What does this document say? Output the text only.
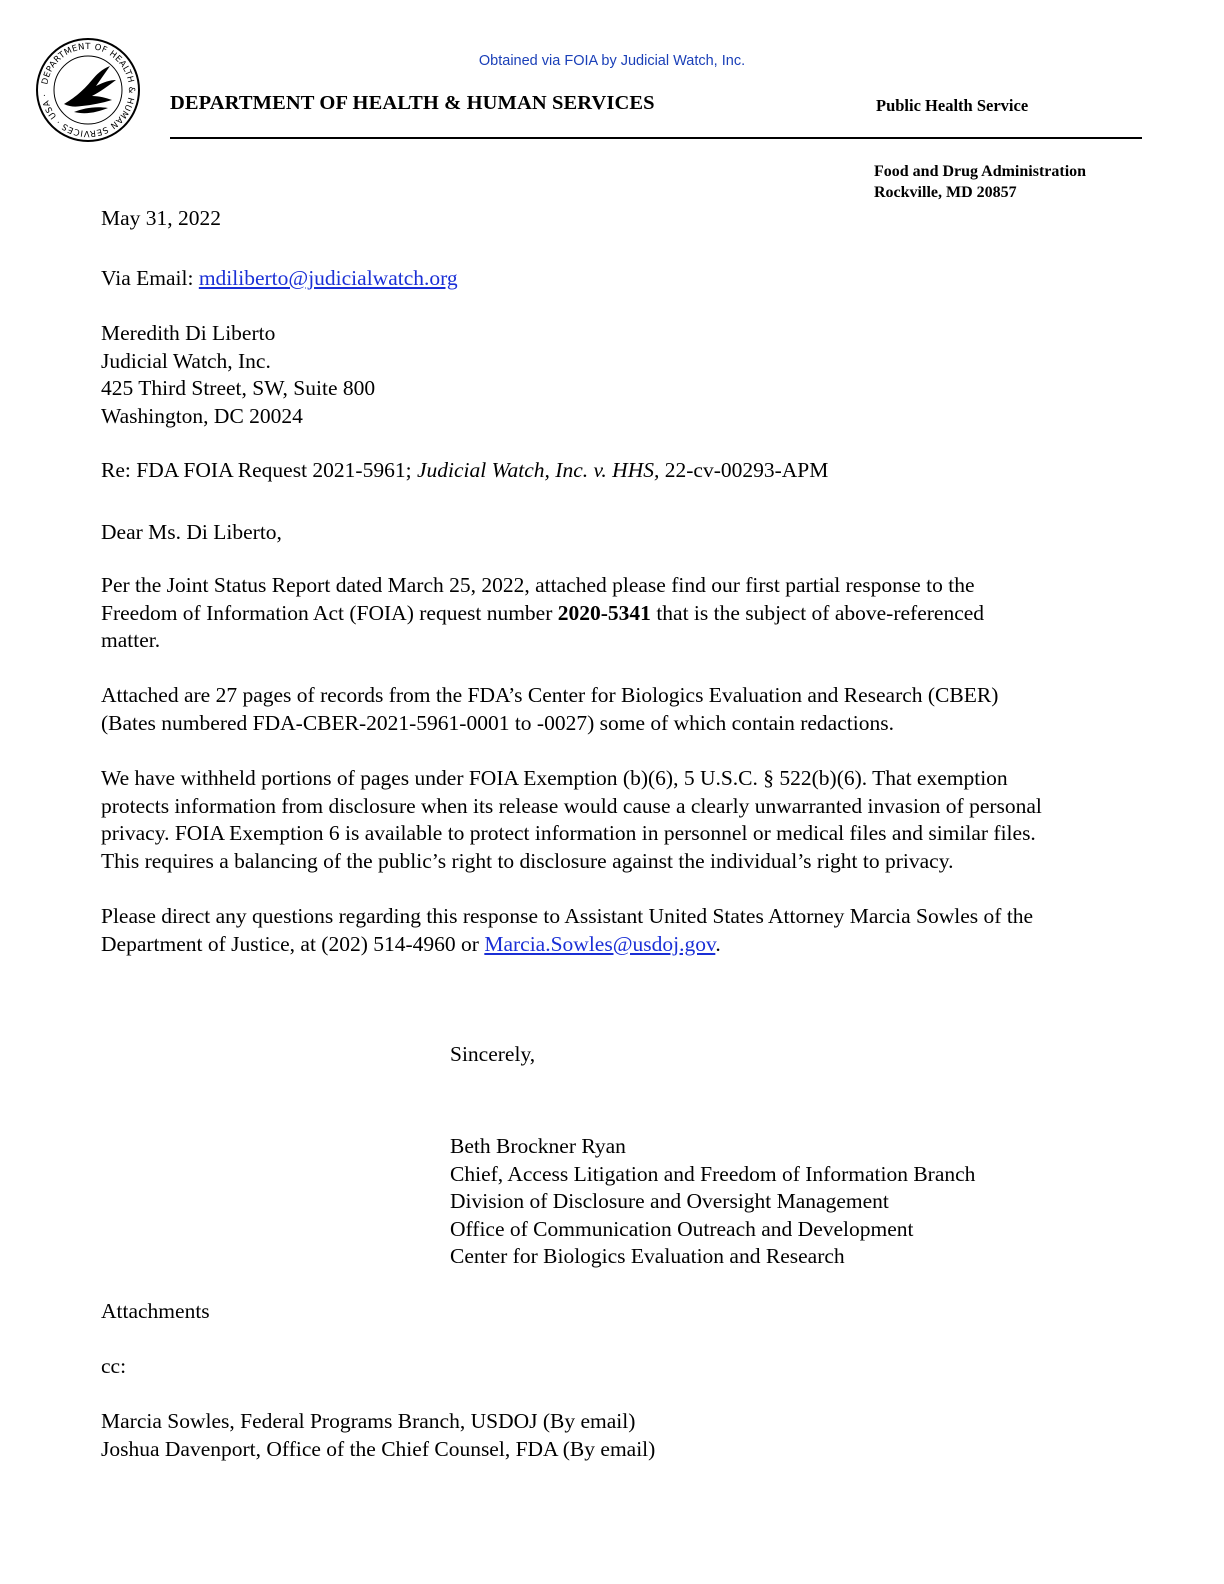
Obtained via FOIA by Judicial Watch, Inc.
DEPARTMENT OF HEALTH & HUMAN SERVICES · USA ·	DEPARTMENT OF HEALTH & HUMAN SERVICES	Public Health Service
Food and Drug Administration
Rockville, MD 20857
May 31, 2022
Via Email: mdiliberto@judicialwatch.org
Meredith Di Liberto
Judicial Watch, Inc.
425 Third Street, SW, Suite 800
Washington, DC 20024
Re: FDA FOIA Request 2021-5961; Judicial Watch, Inc. v. HHS, 22-cv-00293-APM
Dear Ms. Di Liberto,
Per the Joint Status Report dated March 25, 2022, attached please find our first partial response to the
Freedom of Information Act (FOIA) request number 2020-5341 that is the subject of above-referenced
matter.
Attached are 27 pages of records from the FDA’s Center for Biologics Evaluation and Research (CBER)
(Bates numbered FDA-CBER-2021-5961-0001 to -0027) some of which contain redactions.
We have withheld portions of pages under FOIA Exemption (b)(6), 5 U.S.C. § 522(b)(6). That exemption
protects information from disclosure when its release would cause a clearly unwarranted invasion of personal
privacy. FOIA Exemption 6 is available to protect information in personnel or medical files and similar files.
This requires a balancing of the public’s right to disclosure against the individual’s right to privacy.
Please direct any questions regarding this response to Assistant United States Attorney Marcia Sowles of the
Department of Justice, at (202) 514-4960 or Marcia.Sowles@usdoj.gov.
Sincerely,
Beth Brockner Ryan
Chief, Access Litigation and Freedom of Information Branch
Division of Disclosure and Oversight Management
Office of Communication Outreach and Development
Center for Biologics Evaluation and Research
Attachments
cc:
Marcia Sowles, Federal Programs Branch, USDOJ (By email)
Joshua Davenport, Office of the Chief Counsel, FDA (By email)
